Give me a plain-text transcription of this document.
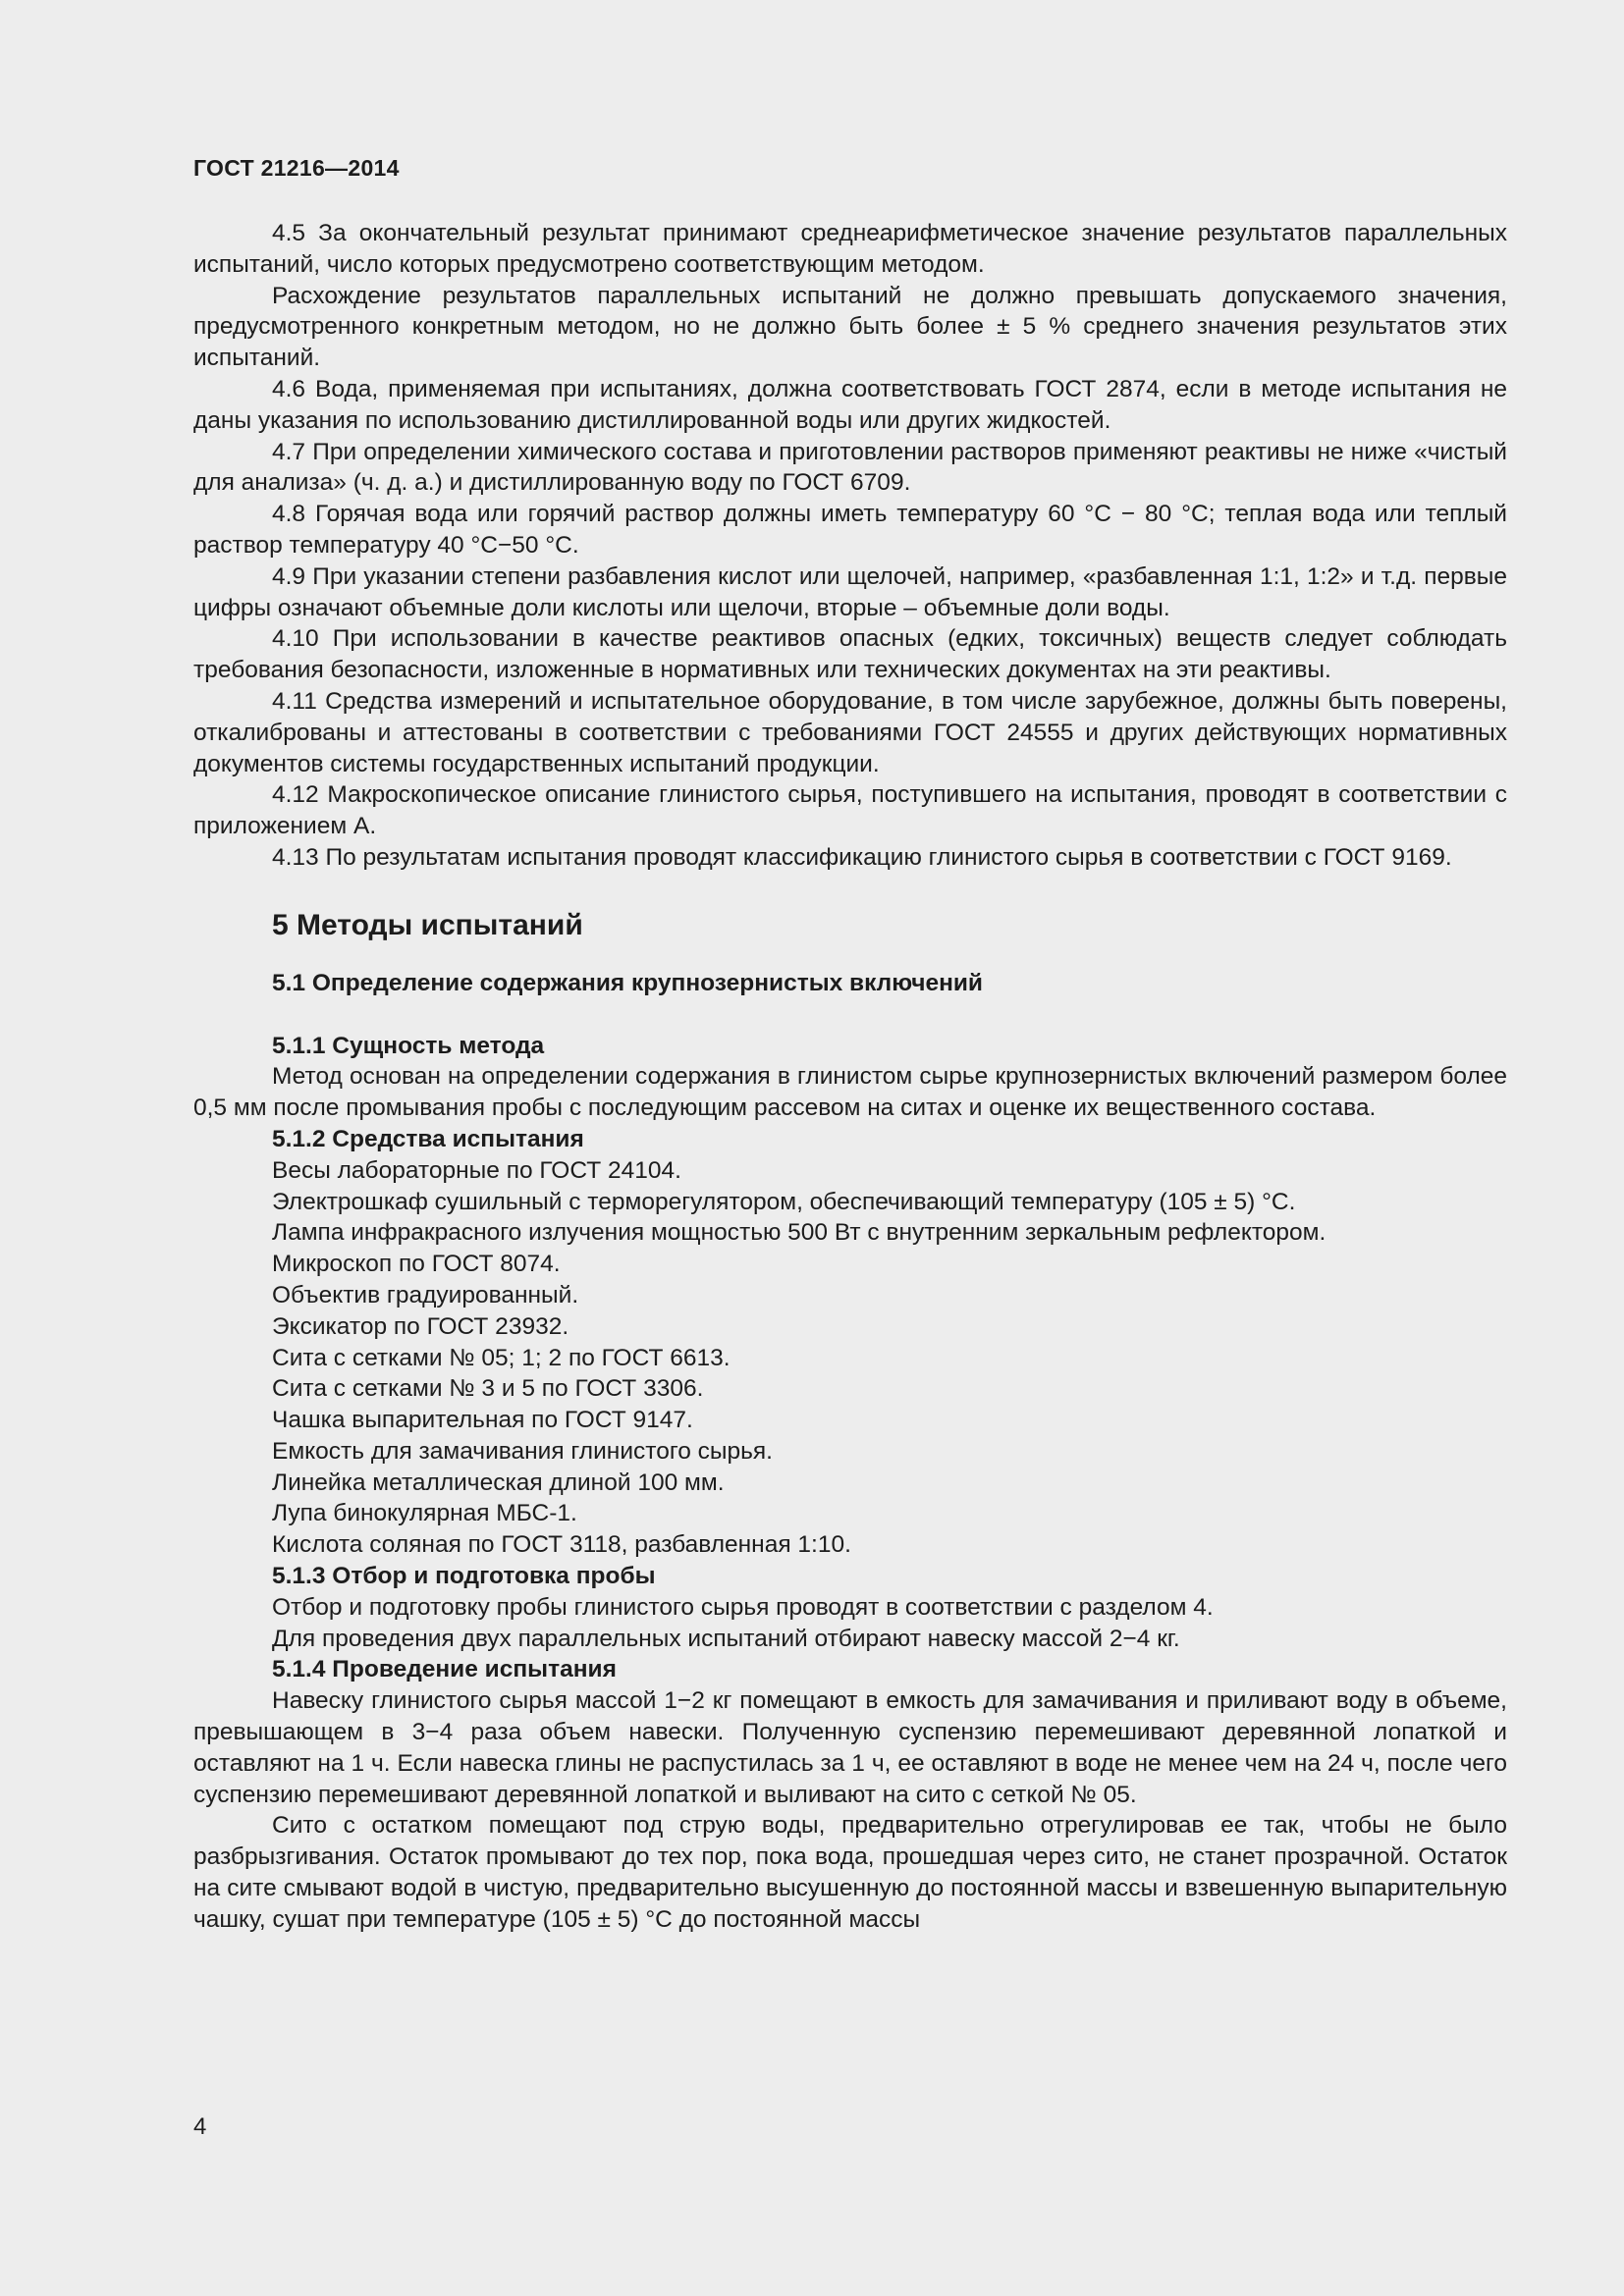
ГОСТ 21216—2014

4.5 За окончательный результат принимают среднеарифметическое значение результатов параллельных испытаний, число которых предусмотрено соответствующим методом.

Расхождение результатов параллельных испытаний не должно превышать допускаемого значения, предусмотренного конкретным методом, но не должно быть более ± 5 % среднего значения результатов этих испытаний.

4.6 Вода, применяемая при испытаниях, должна соответствовать ГОСТ 2874, если в методе испытания не даны указания по использованию дистиллированной воды или других жидкостей.

4.7 При определении химического состава и приготовлении растворов применяют реактивы не ниже «чистый для анализа» (ч. д. а.) и дистиллированную воду по ГОСТ 6709.

4.8 Горячая вода или горячий раствор должны иметь температуру 60 °С − 80 °С; теплая вода или теплый раствор температуру 40 °С−50 °С.

4.9 При указании степени разбавления кислот или щелочей, например, «разбавленная 1:1, 1:2» и т.д. первые цифры означают объемные доли кислоты или щелочи, вторые – объемные доли воды.

4.10 При использовании в качестве реактивов опасных (едких, токсичных) веществ следует соблюдать требования безопасности, изложенные в нормативных или технических документах на эти реактивы.

4.11 Средства измерений и испытательное оборудование, в том числе зарубежное, должны быть поверены, откалиброваны и аттестованы в соответствии с требованиями ГОСТ 24555 и других действующих нормативных документов системы государственных испытаний продукции.

4.12 Макроскопическое описание глинистого сырья, поступившего на испытания, проводят в соответствии с приложением А.

4.13 По результатам испытания проводят классификацию глинистого сырья в соответствии с ГОСТ 9169.

5 Методы испытаний
5.1 Определение содержания крупнозернистых включений
5.1.1 Сущность метода

Метод основан на определении содержания в глинистом сырье крупнозернистых включений размером более 0,5 мм после промывания пробы с последующим рассевом на ситах и оценке их вещественного состава.

5.1.2 Средства испытания
Весы лабораторные по ГОСТ 24104.
Электрошкаф сушильный с терморегулятором, обеспечивающий температуру (105 ± 5) °С.
Лампа инфракрасного излучения мощностью 500 Вт с внутренним зеркальным рефлектором.
Микроскоп по ГОСТ 8074.
Объектив градуированный.
Эксикатор по ГОСТ 23932.
Сита с сетками № 05; 1; 2 по ГОСТ 6613.
Сита с сетками № 3 и 5 по ГОСТ 3306.
Чашка выпарительная по ГОСТ 9147.
Емкость для замачивания глинистого сырья.
Линейка металлическая длиной 100 мм.
Лупа бинокулярная МБС-1.
Кислота соляная по ГОСТ 3118, разбавленная 1:10.
5.1.3 Отбор и подготовка пробы
Отбор и подготовку пробы глинистого сырья проводят в соответствии с разделом 4.
Для проведения двух параллельных испытаний отбирают навеску массой 2−4 кг.
5.1.4 Проведение испытания

Навеску глинистого сырья массой 1−2 кг помещают в емкость для замачивания и приливают воду в объеме, превышающем в 3−4 раза объем навески. Полученную суспензию перемешивают деревянной лопаткой и оставляют на 1 ч. Если навеска глины не распустилась за 1 ч, ее оставляют в воде не менее чем на 24 ч, после чего суспензию перемешивают деревянной лопаткой и выливают на сито с сеткой № 05.

Сито с остатком помещают под струю воды, предварительно отрегулировав ее так, чтобы не было разбрызгивания. Остаток промывают до тех пор, пока вода, прошедшая через сито, не станет прозрачной. Остаток на сите смывают водой в чистую, предварительно высушенную до постоянной массы и взвешенную выпарительную чашку, сушат при температуре (105 ± 5) °С до постоянной массы

4
